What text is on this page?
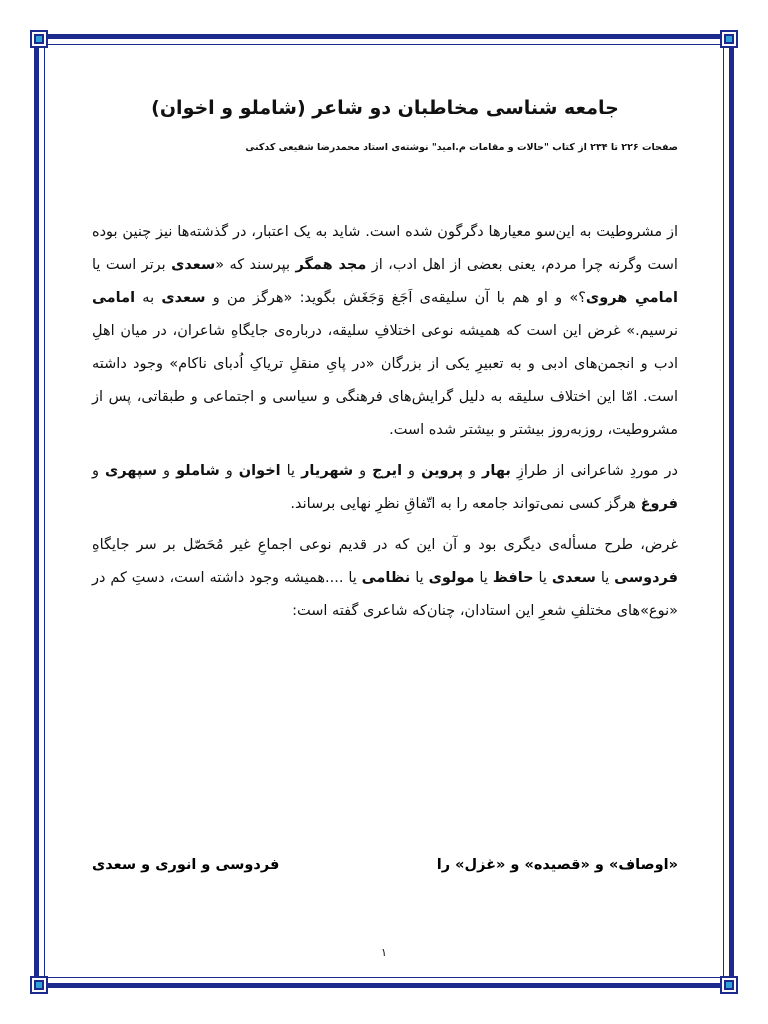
جامعه شناسی مخاطبان دو شاعر (شاملو و اخوان)
صفحات ۲۲۶ تا ۲۳۴ از کتاب "حالات و مقامات م.امید" نوشته‌ی استاد محمدرضا شفیعی کدکنی

از مشروطیت به این‌سو معیارها دگرگون شده است. شاید به یک اعتبار، در گذشته‌ها نیز چنین بوده است وگرنه چرا مردم، یعنی بعضی از اهل ادب، از مجد همگر بپرسند که «سعدی برتر است یا امامیِ هروی؟» و او هم با آن سلیقه‌ی اَجَغ وَجَغَش بگوید: «هرگز من و سعدی به امامی نرسیم.» غرض این است که همیشه نوعی اختلافِ سلیقه، درباره‌ی جایگاهِ شاعران، در میان اهلِ ادب و انجمن‌های ادبی و به تعبیرِ یکی از بزرگان «در پایِ منقلِ تریاکِ اُدبای ناکام» وجود داشته است. امّا این اختلاف سلیقه به دلیل گرایش‌های فرهنگی و سیاسی و اجتماعی و طبقاتی، پس از مشروطیت، روزبه‌روز بیشتر و بیشتر شده است.

در موردِ شاعرانی از طرازِ بهار و پروین و ایرج و شهریار یا اخوان و شاملو و سپهری و فروغ هرگز کسی نمی‌تواند جامعه را به اتّفاقِ نظرِ نهایی برساند.

غرض، طرح مسأله‌ی دیگری بود و آن این که در قدیم نوعی اجماعِ غیر مُحَصّل بر سر جایگاهِ فردوسی یا سعدی یا حافظ یا مولوی یا نظامی یا ....همیشه وجود داشته است، دستِ کم در «نوع»های مختلفِ شعرِ این استادان، چنان‌که شاعری گفته است:

«اوصاف» و «قصیده» و «غزل» را
فردوسی و انوری و سعدی
۱
